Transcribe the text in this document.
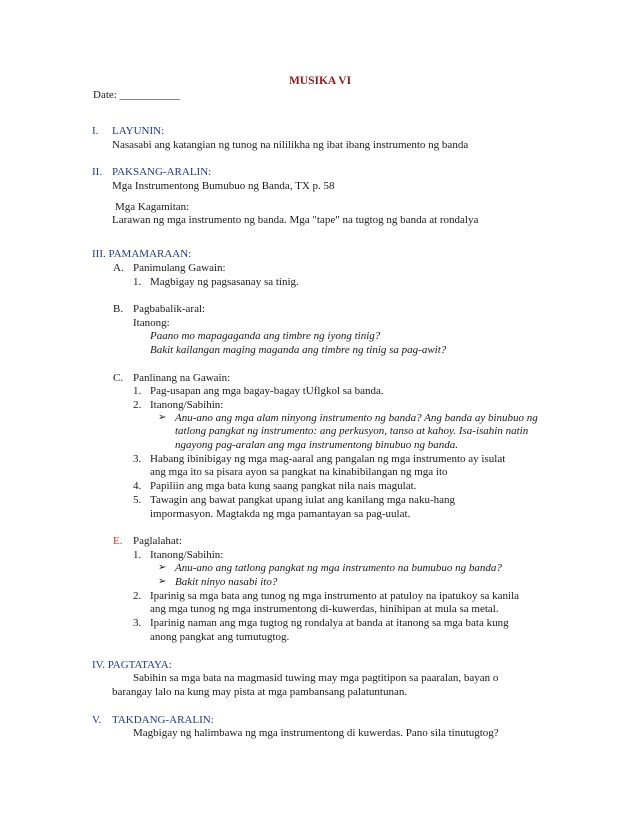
MUSIKA VI
Date: ___________
I. LAYUNIN:
Nasasabi ang katangian ng tunog na nililikha ng ibat ibang instrumento ng banda
II. PAKSANG-ARALIN:
Mga Instrumentong Bumubuo ng Banda, TX p. 58
Mga Kagamitan:
Larawan ng mga instrumento ng banda. Mga "tape" na tugtog ng banda at rondalya
III. PAMAMARAAN:
A. Panimulang Gawain:
1. Magbigay ng pagsasanay sa tinig.
B. Pagbabalik-aral:
Itanong:
Paano mo mapagaganda ang timbre ng iyong tinig?
Bakit kailangan maging maganda ang timbre ng tinig sa pag-awit?
C. Panlinang na Gawain:
1. Pag-usapan ang mga bagay-bagay tUflgkol sa banda.
2. Itanong/Sabihin:
➢ Anu-ano ang mga alam ninyong instrumento ng banda? Ang banda ay binubuo ng
tatlong pangkat ng instrumento: ang perkusyon, tanso at kahoy. Isa-isahin natin
ngayong pag-aralan ang mga instrumentong binubuo ng banda.
3. Habang ibinibigay ng mga mag-aaral ang pangalan ng mga instrumento ay isulat
ang mga ito sa pisara ayon sa pangkat na kinabibilangan ng mga ito
4. Papiliin ang mga bata kung saang pangkat nila nais magulat.
5. Tawagin ang bawat pangkat upang iulat ang kanilang mga naku-hang
impormasyon. Magtakda ng mga pamantayan sa pag-uulat.
E. Paglalahat:
1. Itanong/Sabihin:
➢ Anu-ano ang tatlong pangkat ng mga instrumento na bumubuo ng banda?
➢ Bakit ninyo nasabi ito?
2. Iparinig sa mga bata ang tunog ng mga instrumento at patuloy na ipatukoy sa kanila
ang mga tunog ng mga instrumentong di-kuwerdas, hinihipan at mula sa metal.
3. Iparinig naman ang mga tugtog ng rondalya at banda at itanong sa mga bata kung
anong pangkat ang tumutugtog.
IV. PAGTATAYA:
Sabihin sa mga bata na magmasid tuwing may mga pagtitipon sa paaralan, bayan o
barangay lalo na kung may pista at mga pambansang palatuntunan.
V. TAKDANG-ARALIN:
Magbigay ng halimbawa ng mga instrumentong di kuwerdas. Pano sila tinutugtog?
